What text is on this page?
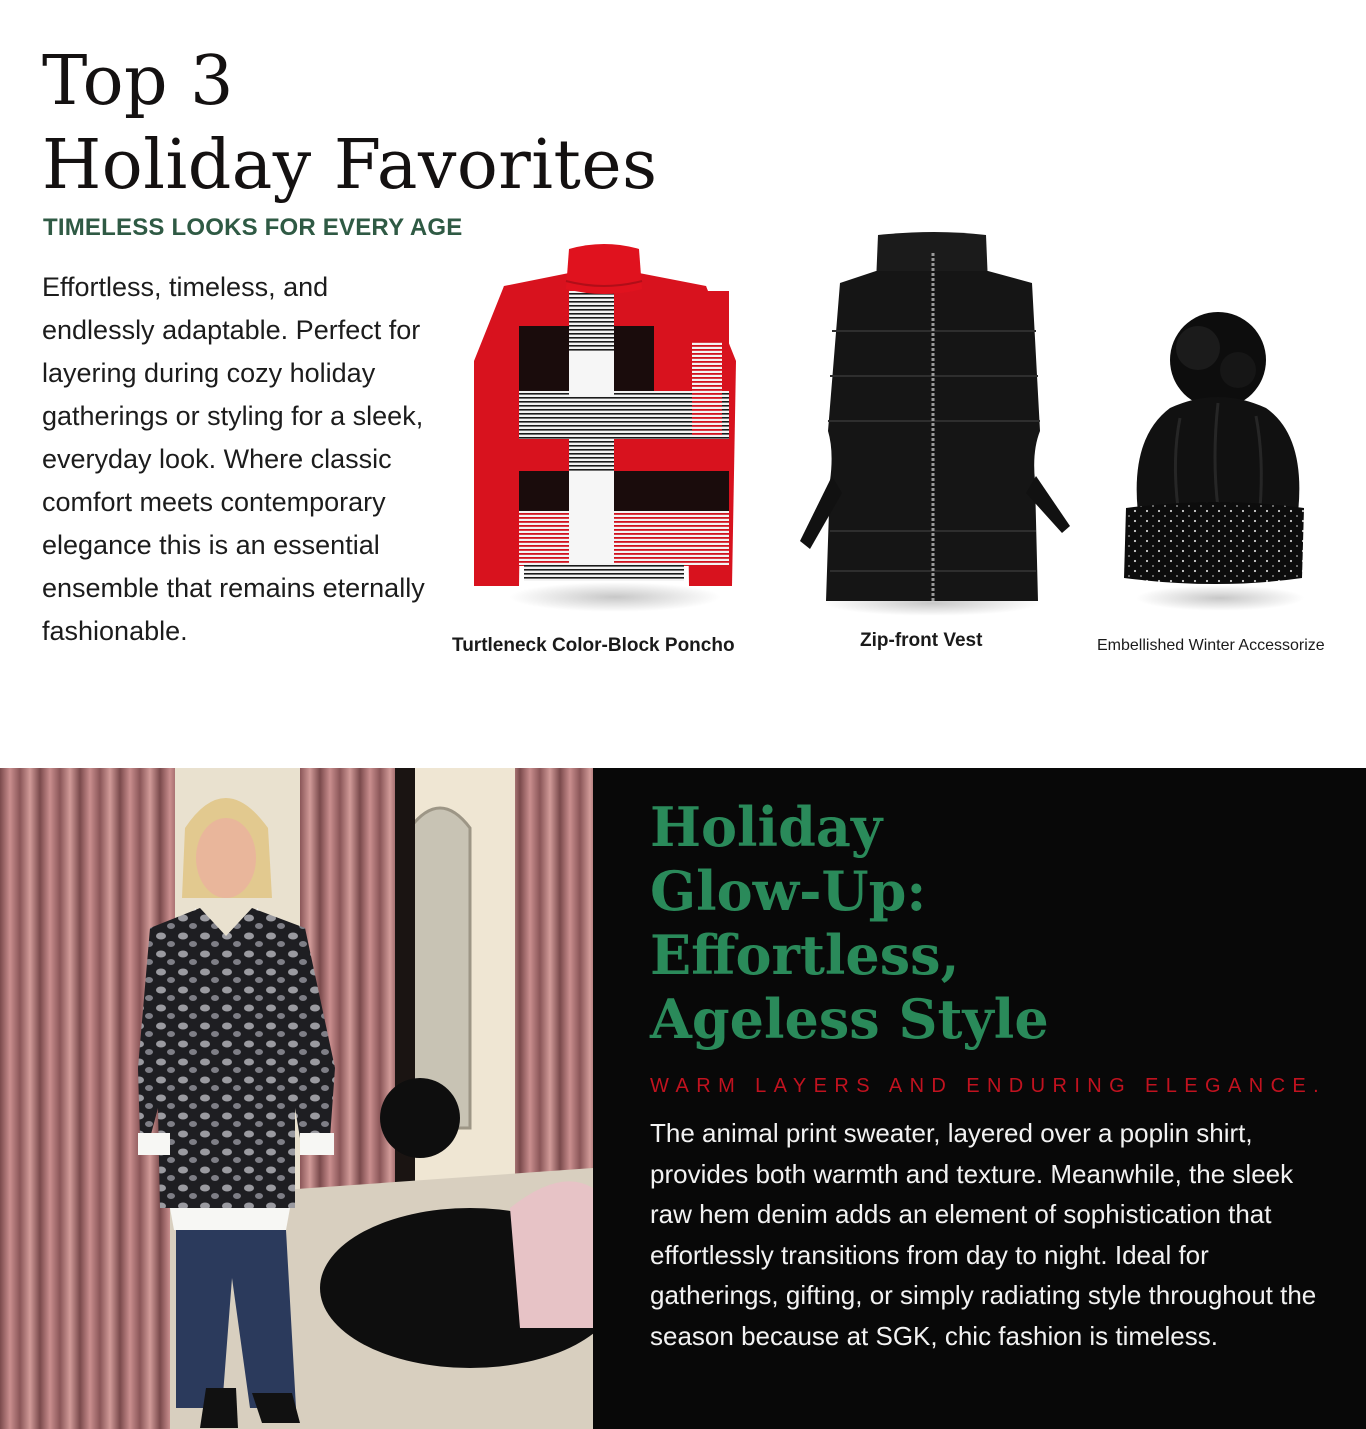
Top 3
Holiday Favorites
TIMELESS LOOKS FOR EVERY AGE

Effortless, timeless, and endlessly adaptable. Perfect for layering during cozy holiday gatherings or styling for a sleek, everyday look. Where classic comfort meets contemporary elegance this is an essential ensemble that remains eternally fashionable.	Turtleneck Color-Block Poncho	Zip-front Vest	Embellished Winter Accessorize
Holiday
Glow-Up:
Effortless,
Ageless Style
WARM LAYERS AND ENDURING ELEGANCE.

The animal print sweater, layered over a poplin shirt, provides both warmth and texture. Meanwhile, the sleek raw hem denim adds an element of sophistication that effortlessly transitions from day to night. Ideal for gatherings, gifting, or simply radiating style throughout the season because at SGK, chic fashion is timeless.
